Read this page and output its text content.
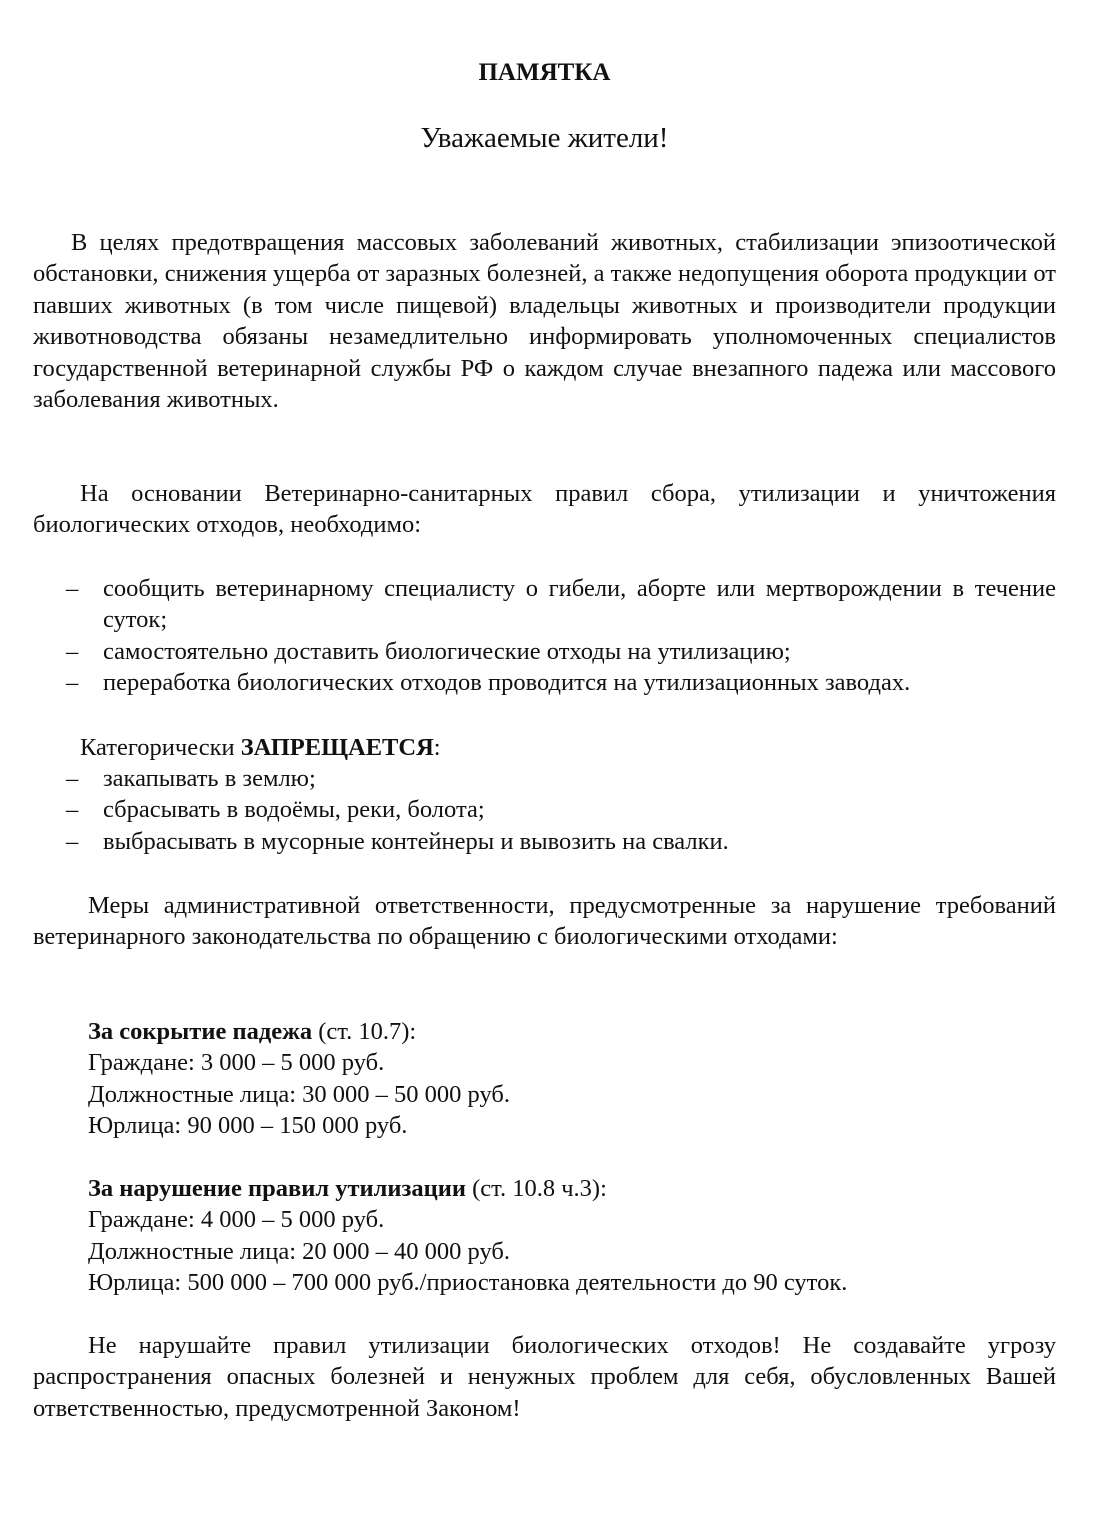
ПАМЯТКА
Уважаемые жители!

В целях предотвращения массовых заболеваний животных, стабилизации эпизоотической обстановки, снижения ущерба от заразных болезней, а также недопущения оборота продукции от павших животных (в том числе пищевой) владельцы животных и производители продукции животноводства обязаны незамедлительно информировать уполномоченных специалистов государственной ветеринарной службы РФ о каждом случае внезапного падежа или массового заболевания животных.

На основании Ветеринарно-санитарных правил сбора, утилизации и уничтожения биологических отходов, необходимо:

– сообщить ветеринарному специалисту о гибели, аборте или мертворождении в течение суток;
– самостоятельно доставить биологические отходы на утилизацию;
– переработка биологических отходов проводится на утилизационных заводах.

Категорически ЗАПРЕЩАЕТСЯ:

– закапывать в землю;
– сбрасывать в водоёмы, реки, болота;
– выбрасывать в мусорные контейнеры и вывозить на свалки.

Меры административной ответственности, предусмотренные за нарушение требований ветеринарного законодательства по обращению с биологическими отходами:

За сокрытие падежа (ст. 10.7):

Граждане: 3 000 – 5 000 руб.

Должностные лица: 30 000 – 50 000 руб.

Юрлица: 90 000 – 150 000 руб.

За нарушение правил утилизации (ст. 10.8 ч.3):

Граждане: 4 000 – 5 000 руб.

Должностные лица: 20 000 – 40 000 руб.

Юрлица: 500 000 – 700 000 руб./приостановка деятельности до 90 суток.

Не нарушайте правил утилизации биологических отходов! Не создавайте угрозу распространения опасных болезней и ненужных проблем для себя, обусловленных Вашей ответственностью, предусмотренной Законом!
